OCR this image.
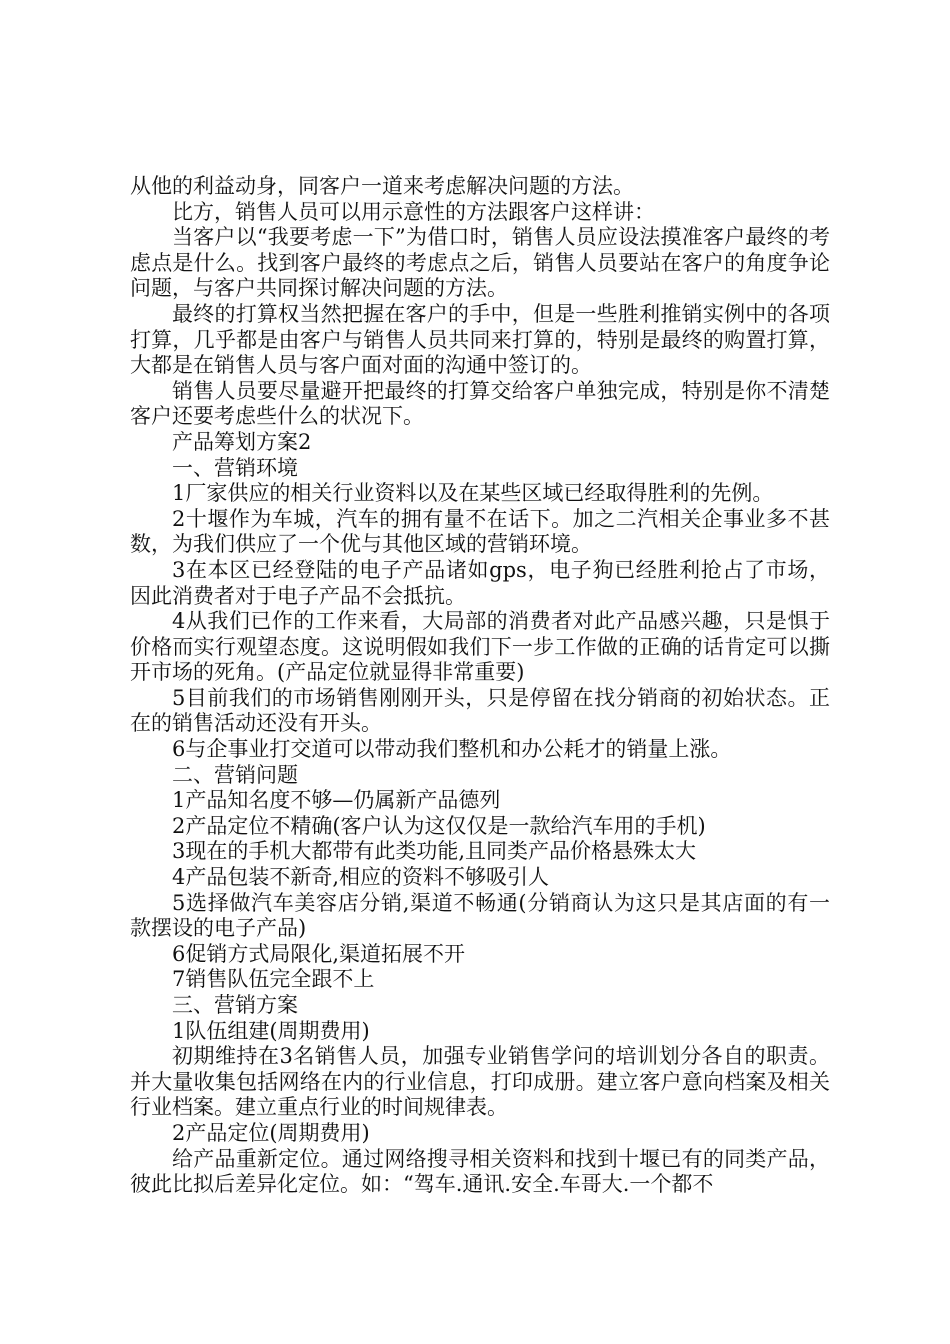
从他的利益动身，同客户一道来考虑解决问题的方法。

比方，销售人员可以用示意性的方法跟客户这样讲：

当客户以“我要考虑一下”为借口时，销售人员应设法摸准客户最终的考虑点是什么。找到客户最终的考虑点之后，销售人员要站在客户的角度争论问题，与客户共同探讨解决问题的方法。

最终的打算权当然把握在客户的手中，但是一些胜利推销实例中的各项打算，几乎都是由客户与销售人员共同来打算的，特别是最终的购置打算，大都是在销售人员与客户面对面的沟通中签订的。

销售人员要尽量避开把最终的打算交给客户单独完成，特别是你不清楚客户还要考虑些什么的状况下。

产品筹划方案2

一、营销环境

1厂家供应的相关行业资料以及在某些区域已经取得胜利的先例。

2十堰作为车城，汽车的拥有量不在话下。加之二汽相关企事业多不甚数，为我们供应了一个优与其他区域的营销环境。

3在本区已经登陆的电子产品诸如gps，电子狗已经胜利抢占了市场，因此消费者对于电子产品不会抵抗。

4从我们已作的工作来看，大局部的消费者对此产品感兴趣，只是惧于价格而实行观望态度。这说明假如我们下一步工作做的正确的话肯定可以撕开市场的死角。(产品定位就显得非常重要)

5目前我们的市场销售刚刚开头，只是停留在找分销商的初始状态。正在的销售活动还没有开头。

6与企事业打交道可以带动我们整机和办公耗才的销量上涨。

二、营销问题

1产品知名度不够—仍属新产品德列

2产品定位不精确(客户认为这仅仅是一款给汽车用的手机)

3现在的手机大都带有此类功能,且同类产品价格悬殊太大

4产品包装不新奇,相应的资料不够吸引人

5选择做汽车美容店分销,渠道不畅通(分销商认为这只是其店面的有一款摆设的电子产品)

6促销方式局限化,渠道拓展不开

7销售队伍完全跟不上

三、营销方案

1队伍组建(周期费用)

初期维持在3名销售人员，加强专业销售学问的培训划分各自的职责。并大量收集包括网络在内的行业信息，打印成册。建立客户意向档案及相关行业档案。建立重点行业的时间规律表。

2产品定位(周期费用)

给产品重新定位。通过网络搜寻相关资料和找到十堰已有的同类产品，彼此比拟后差异化定位。如：“驾车.通讯.安全.车哥大.一个都不
